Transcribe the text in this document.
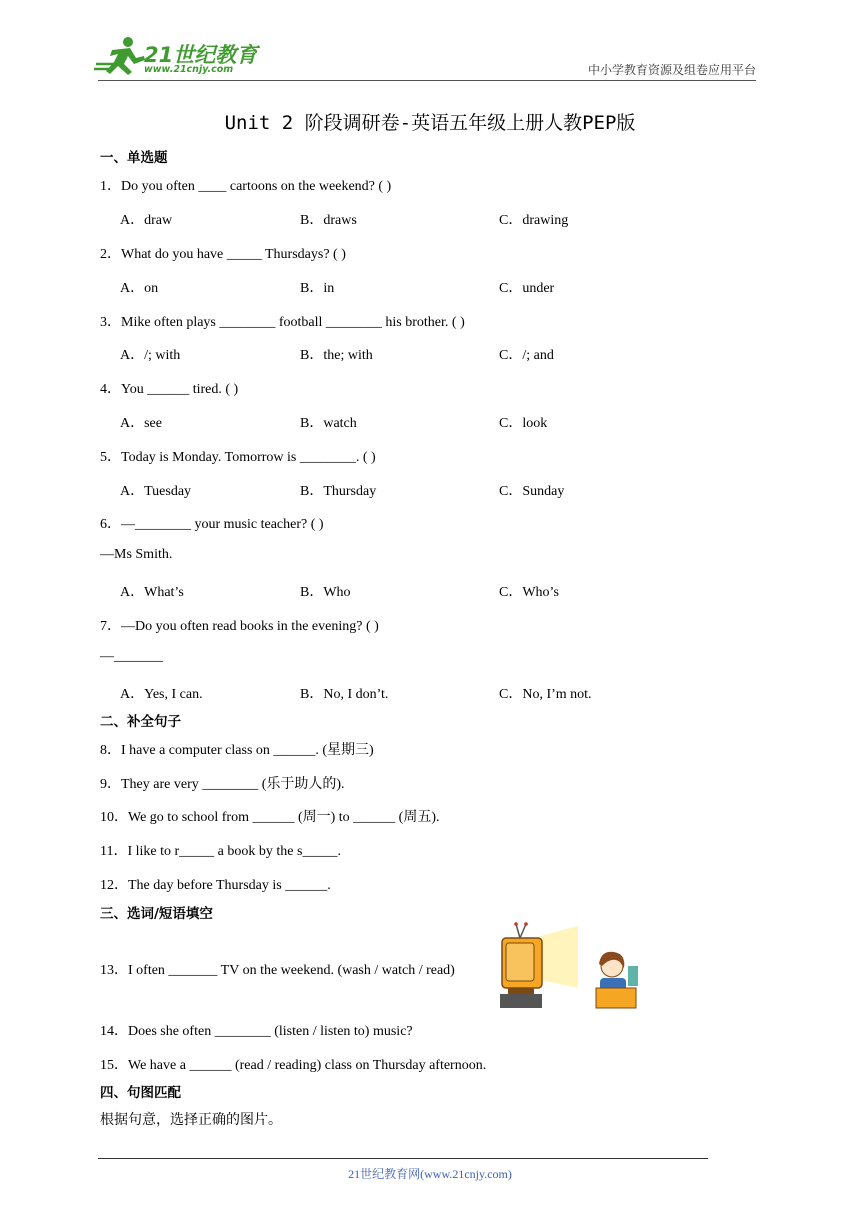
21世纪教育
www.21cnjy.com	中小学教育资源及组卷应用平台
Unit 2 阶段调研卷-英语五年级上册人教PEP版
一、单选题
1．Do you often ____ cartoons on the weekend? ( )
A．draw	B．draws	C．drawing
2．What do you have _____ Thursdays? ( )
A．on	B．in	C．under
3．Mike often plays ________ football ________ his brother. ( )
A．/; with	B．the; with	C．/; and
4．You ______ tired. ( )
A．see	B．watch	C．look
5．Today is Monday. Tomorrow is ________. ( )
A．Tuesday	B．Thursday	C．Sunday
6．—________ your music teacher? ( )
—Ms Smith.
A．What’s	B．Who	C．Who’s
7．—Do you often read books in the evening? ( )
—_______
A．Yes, I can.	B．No, I don’t.	C．No, I’m not.
二、补全句子
8．I have a computer class on ______. (星期三)
9．They are very ________ (乐于助人的).
10．We go to school from ______ (周一) to ______ (周五).
11．I like to r_____ a book by the s_____.
12．The day before Thursday is ______.
三、选词/短语填空
13．I often _______ TV on the weekend. (wash / watch / read)
14．Does she often ________ (listen / listen to) music?
15．We have a ______ (read / reading) class on Thursday afternoon.
四、句图匹配
根据句意，选择正确的图片。
21世纪教育网(www.21cnjy.com)
